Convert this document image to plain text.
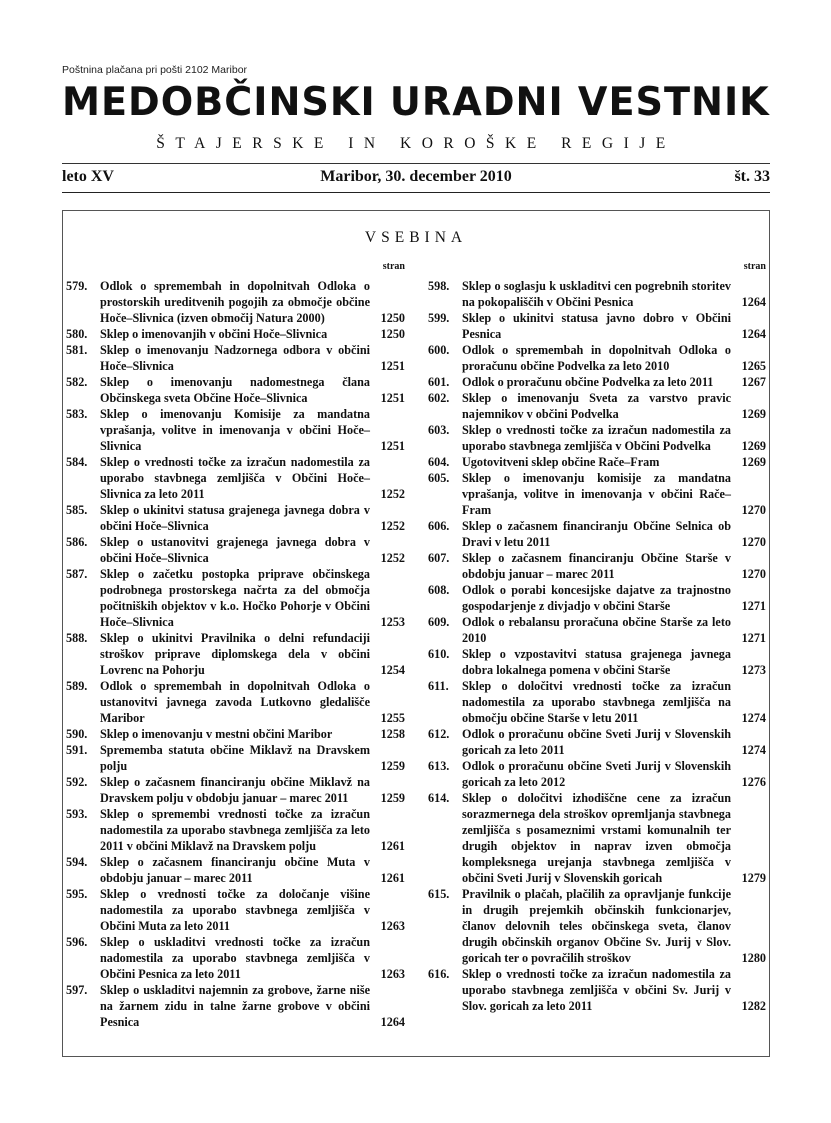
Poštnina plačana pri pošti 2102 Maribor
MEDOBČINSKI URADNI VESTNIK
ŠTAJERSKE IN KOROŠKE REGIJE
leto XV	Maribor, 30. december 2010	št. 33
VSEBINA
stran
579.	Odlok o spremembah in dopolnitvah Odloka o prostorskih ureditvenih pogojih za območje občine Hoče–Slivnica (izven območij Natura 2000)	1250
580.	Sklep o imenovanjih v občini Hoče–Slivnica	1250
581.	Sklep o imenovanju Nadzornega odbora v občini Hoče–Slivnica	1251
582.	Sklep o imenovanju nadomestnega člana Občinskega sveta Občine Hoče–Slivnica	1251
583.	Sklep o imenovanju Komisije za mandatna vprašanja, volitve in imenovanja v občini Hoče–Slivnica	1251
584.	Sklep o vrednosti točke za izračun nadomestila za uporabo stavbnega zemljišča v Občini Hoče–Slivnica za leto 2011	1252
585.	Sklep o ukinitvi statusa grajenega javnega dobra v občini Hoče–Slivnica	1252
586.	Sklep o ustanovitvi grajenega javnega dobra v občini Hoče–Slivnica	1252
587.	Sklep o začetku postopka priprave občinskega podrobnega prostorskega načrta za del območja počitniških objektov v k.o. Hočko Pohorje v Občini Hoče–Slivnica	1253
588.	Sklep o ukinitvi Pravilnika o delni refundaciji stroškov priprave diplomskega dela v občini Lovrenc na Pohorju	1254
589.	Odlok o spremembah in dopolnitvah Odloka o ustanovitvi javnega zavoda Lutkovno gledališče Maribor	1255
590.	Sklep o imenovanju v mestni občini Maribor	1258
591.	Sprememba statuta občine Miklavž na Dravskem polju	1259
592.	Sklep o začasnem financiranju občine Miklavž na Dravskem polju v obdobju januar – marec 2011	1259
593.	Sklep o spremembi vrednosti točke za izračun nadomestila za uporabo stavbnega zemljišča za leto 2011 v občini Miklavž na Dravskem polju	1261
594.	Sklep o začasnem financiranju občine Muta v obdobju januar – marec 2011	1261
595.	Sklep o vrednosti točke za določanje višine nadomestila za uporabo stavbnega zemljišča v Občini Muta za leto 2011	1263
596.	Sklep o uskladitvi vrednosti točke za izračun nadomestila za uporabo stavbnega zemljišča v Občini Pesnica za leto 2011	1263
597.	Sklep o uskladitvi najemnin za grobove, žarne niše na žarnem zidu in talne žarne grobove v občini Pesnica	1264
stran
598.	Sklep o soglasju k uskladitvi cen pogrebnih storitev na pokopališčih v Občini Pesnica	1264
599.	Sklep o ukinitvi statusa javno dobro v Občini Pesnica	1264
600.	Odlok o spremembah in dopolnitvah Odloka o proračunu občine Podvelka za leto 2010	1265
601.	Odlok o proračunu občine Podvelka za leto 2011	1267
602.	Sklep o imenovanju Sveta za varstvo pravic najemnikov v občini Podvelka	1269
603.	Sklep o vrednosti točke za izračun nadomestila za uporabo stavbnega zemljišča v Občini Podvelka	1269
604.	Ugotovitveni sklep občine Rače–Fram	1269
605.	Sklep o imenovanju komisije za mandatna vprašanja, volitve in imenovanja v občini Rače–Fram	1270
606.	Sklep o začasnem financiranju Občine Selnica ob Dravi v letu 2011	1270
607.	Sklep o začasnem financiranju Občine Starše v obdobju januar – marec 2011	1270
608.	Odlok o porabi koncesijske dajatve za trajnostno gospodarjenje z divjadjo v občini Starše	1271
609.	Odlok o rebalansu proračuna občine Starše za leto 2010	1271
610.	Sklep o vzpostavitvi statusa grajenega javnega dobra lokalnega pomena v občini Starše	1273
611.	Sklep o določitvi vrednosti točke za izračun nadomestila za uporabo stavbnega zemljišča na območju občine Starše v letu 2011	1274
612.	Odlok o proračunu občine Sveti Jurij v Slovenskih goricah za leto 2011	1274
613.	Odlok o proračunu občine Sveti Jurij v Slovenskih goricah za leto 2012	1276
614.	Sklep o določitvi izhodiščne cene za izračun sorazmernega dela stroškov opremljanja stavbnega zemljišča s posameznimi vrstami komunalnih ter drugih objektov in naprav izven območja kompleksnega urejanja stavbnega zemljišča v občini Sveti Jurij v Slovenskih goricah	1279
615.	Pravilnik o plačah, plačilih za opravljanje funkcije in drugih prejemkih občinskih funkcionarjev, članov delovnih teles občinskega sveta, članov drugih občinskih organov Občine Sv. Jurij v Slov. goricah ter o povračilih stroškov	1280
616.	Sklep o vrednosti točke za izračun nadomestila za uporabo stavbnega zemljišča v občini Sv. Jurij v Slov. goricah za leto 2011	1282
